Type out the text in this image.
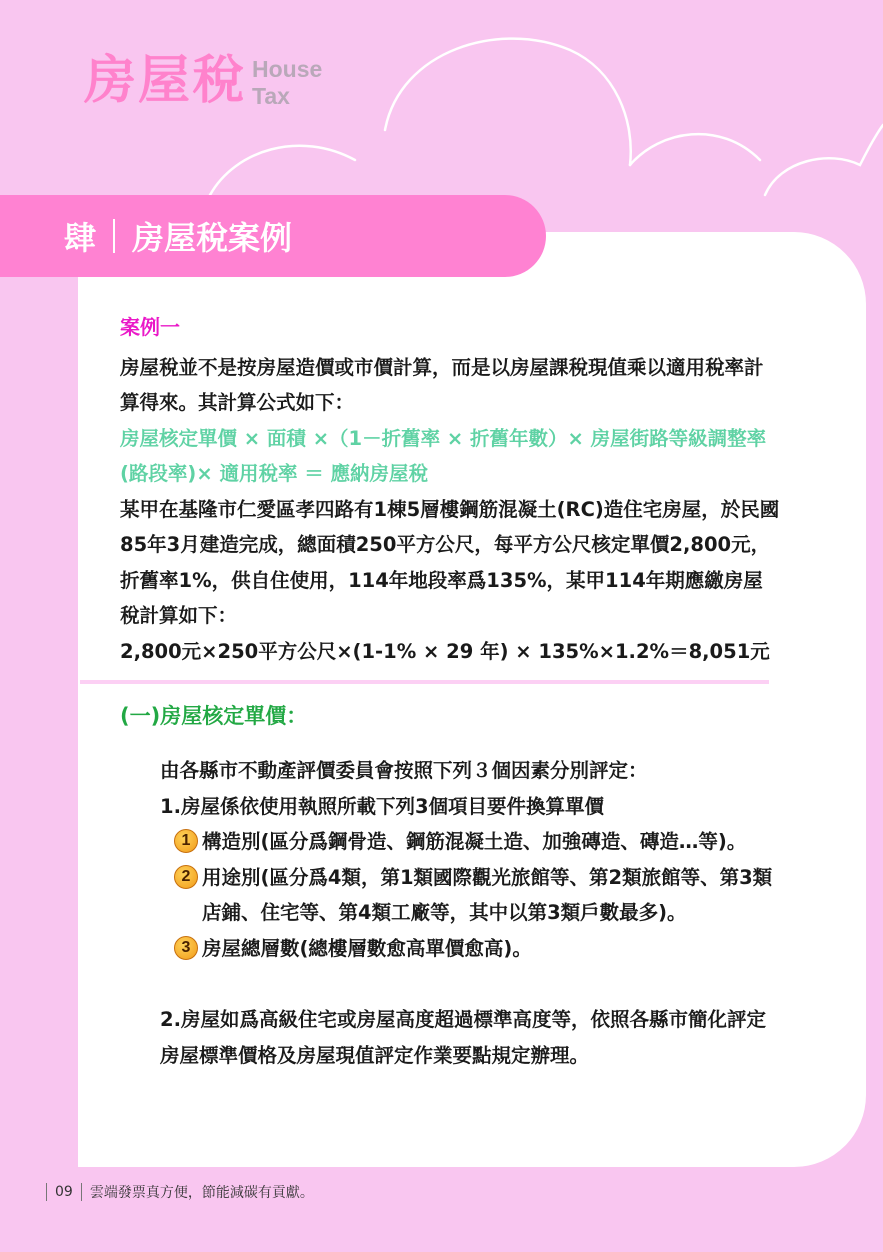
房屋稅 House
Tax
肆 房屋稅案例
案例一

房屋稅並不是按房屋造價或市價計算，而是以房屋課稅現值乘以適用稅率計算得來。其計算公式如下：

房屋核定單價 × 面積 ×（1－折舊率 × 折舊年數）× 房屋街路等級調整率(路段率)× 適用稅率 ＝ 應納房屋稅

某甲在基隆市仁愛區孝四路有1棟5層樓鋼筋混凝土(RC)造住宅房屋，於民國85年3月建造完成，總面積250平方公尺，每平方公尺核定單價2,800元，折舊率1%，供自住使用，114年地段率爲135%，某甲114年期應繳房屋稅計算如下：

2,800元×250平方公尺×(1-1% × 29 年) × 135%×1.2%＝8,051元

(一)房屋核定單價：

由各縣市不動產評價委員會按照下列３個因素分別評定：

1.房屋係依使用執照所載下列3個項目要件換算單價

1 構造別(區分爲鋼骨造、鋼筋混凝土造、加強磚造、磚造…等)。
2 用途別(區分爲4類，第1類國際觀光旅館等、第2類旅館等、第3類店鋪、住宅等、第4類工廠等，其中以第3類戶數最多)。
3 房屋總層數(總樓層數愈高單價愈高)。

2.房屋如爲高級住宅或房屋高度超過標準高度等，依照各縣市簡化評定房屋標準價格及房屋現值評定作業要點規定辦理。

09 雲端發票真方便，節能減碳有貢獻。
